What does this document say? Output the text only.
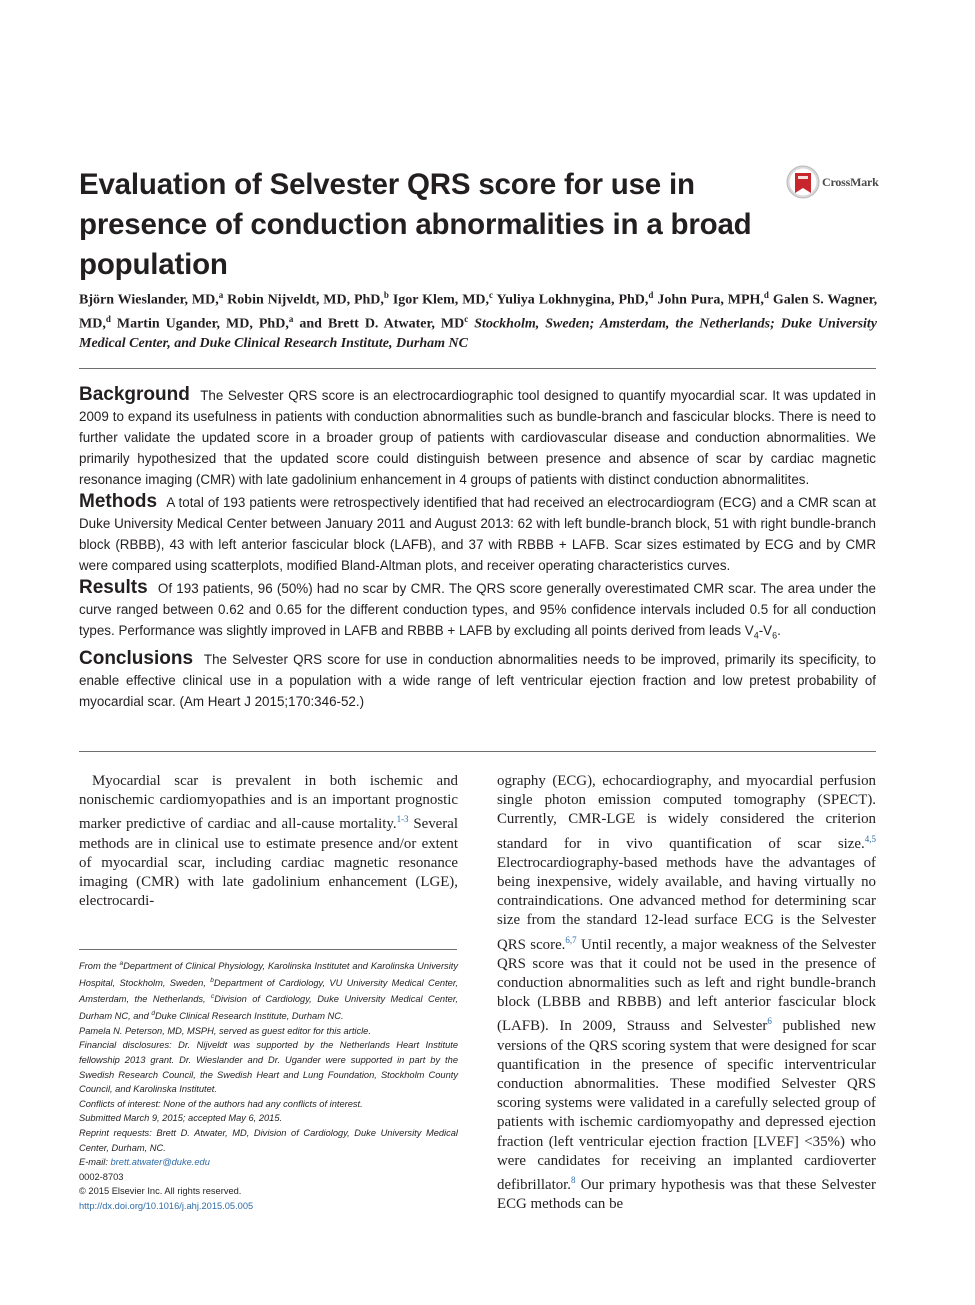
Evaluation of Selvester QRS score for use in presence of conduction abnormalities in a broad population
CrossMark

Björn Wieslander, MD,$^a$ Robin Nijveldt, MD, PhD,$^b$ Igor Klem, MD,$^c$ Yuliya Lokhnygina, PhD,$^d$ John Pura, MPH,$^d$ Galen S. Wagner, MD,$^d$ Martin Ugander, MD, PhD,$^a$ and Brett D. Atwater, $MD^c$ Stockholm, Sweden; Amsterdam, the Netherlands; Duke University Medical Center, and Duke Clinical Research Institute, Durham NC

Background The Selvester QRS score is an electrocardiographic tool designed to quantify myocardial scar. It was updated in 2009 to expand its usefulness in patients with conduction abnormalities such as bundle-branch and fascicular blocks. There is need to further validate the updated score in a broader group of patients with cardiovascular disease and conduction abnormalities. We primarily hypothesized that the updated score could distinguish between presence and absence of scar by cardiac magnetic resonance imaging (CMR) with late gadolinium enhancement in 4 groups of patients with distinct conduction abnormalitites.

Methods A total of 193 patients were retrospectively identified that had received an electrocardiogram (ECG) and a CMR scan at Duke University Medical Center between January 2011 and August 2013: 62 with left bundle-branch block, 51 with right bundle-branch block (RBBB), 43 with left anterior fascicular block (LAFB), and 37 with RBBB + LAFB. Scar sizes estimated by ECG and by CMR were compared using scatterplots, modified Bland-Altman plots, and receiver operating characteristics curves.

Results Of 193 patients, 96 (50%) had no scar by CMR. The QRS score generally overestimated CMR scar. The area under the curve ranged between 0.62 and 0.65 for the different conduction types, and 95% confidence intervals included 0.5 for all conduction types. Performance was slightly improved in LAFB and RBBB + LAFB by excluding all points derived from leads $V_4-V_6$.

Conclusions The Selvester QRS score for use in conduction abnormalities needs to be improved, primarily its specificity, to enable effective clinical use in a population with a wide range of left ventricular ejection fraction and low pretest probability of myocardial scar. (Am Heart J 2015;170:346-52.)

Myocardial scar is prevalent in both ischemic and nonischemic cardiomyopathies and is an important prognostic marker predictive of cardiac and all-cause mortality.$^{1-3}$ Several methods are in clinical use to estimate presence and/or extent of myocardial scar, including cardiac magnetic resonance imaging (CMR) with late gadolinium enhancement (LGE), electrocardi-

From the $^a$Department of Clinical Physiology, Karolinska Institutet and Karolinska University Hospital, Stockholm, Sweden, $^b$Department of Cardiology, VU University Medical Center, Amsterdam, the Netherlands, $^c$Division of Cardiology, Duke University Medical Center, Durham NC, and $^d$Duke Clinical Research Institute, Durham NC.

Pamela N. Peterson, MD, MSPH, served as guest editor for this article.

Financial disclosures: Dr. Nijveldt was supported by the Netherlands Heart Institute fellowship 2013 grant. Dr. Wieslander and Dr. Ugander were supported in part by the Swedish Research Council, the Swedish Heart and Lung Foundation, Stockholm County Council, and Karolinska Institutet.

Conflicts of interest: None of the authors had any conflicts of interest.

Submitted March 9, 2015; accepted May 6, 2015.

Reprint requests: Brett D. Atwater, MD, Division of Cardiology, Duke University Medical Center, Durham, NC.

E-mail: brett.atwater@duke.edu

0002-8703

© 2015 Elsevier Inc. All rights reserved.

http://dx.doi.org/10.1016/j.ahj.2015.05.005

ography (ECG), echocardiography, and myocardial perfusion single photon emission computed tomography (SPECT). Currently, CMR-LGE is widely considered the criterion standard for in vivo quantification of scar size.$^{4,5}$ Electrocardiography-based methods have the advantages of being inexpensive, widely available, and having virtually no contraindications. One advanced method for determining scar size from the standard 12-lead surface ECG is the Selvester QRS score.$^{6,7}$ Until recently, a major weakness of the Selvester QRS score was that it could not be used in the presence of conduction abnormalities such as left and right bundle-branch block (LBBB and RBBB) and left anterior fascicular block (LAFB). In 2009, Strauss and Selvester$^6$ published new versions of the QRS scoring system that were designed for scar quantification in the presence of specific interventricular conduction abnormalities. These modified Selvester QRS scoring systems were validated in a carefully selected group of patients with ischemic cardiomyopathy and depressed ejection fraction (left ventricular ejection fraction [LVEF] <35%) who were candidates for receiving an implanted cardioverter defibrillator.$^8$ Our primary hypothesis was that these Selvester ECG methods can be
